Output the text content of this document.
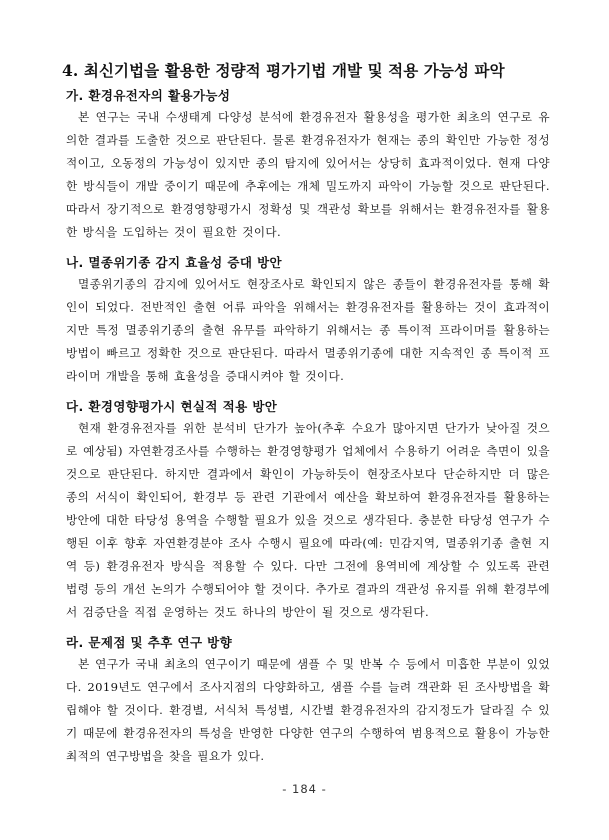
4. 최신기법을 활용한 정량적 평가기법 개발 및 적용 가능성 파악
가. 환경유전자의 활용가능성

본 연구는 국내 수생태계 다양성 분석에 환경유전자 활용성을 평가한 최초의 연구로 유의한 결과를 도출한 것으로 판단된다. 물론 환경유전자가 현재는 종의 확인만 가능한 정성적이고, 오동정의 가능성이 있지만 종의 탐지에 있어서는 상당히 효과적이었다. 현재 다양한 방식들이 개발 중이기 때문에 추후에는 개체 밀도까지 파악이 가능할 것으로 판단된다. 따라서 장기적으로 환경영향평가시 정확성 및 객관성 확보를 위해서는 환경유전자를 활용한 방식을 도입하는 것이 필요한 것이다.

나. 멸종위기종 감지 효율성 증대 방안

멸종위기종의 감지에 있어서도 현장조사로 확인되지 않은 종들이 환경유전자를 통해 확인이 되었다. 전반적인 출현 어류 파악을 위해서는 환경유전자를 활용하는 것이 효과적이지만 특정 멸종위기종의 출현 유무를 파악하기 위해서는 종 특이적 프라이머를 활용하는 방법이 빠르고 정확한 것으로 판단된다. 따라서 멸종위기종에 대한 지속적인 종 특이적 프라이머 개발을 통해 효율성을 증대시켜야 할 것이다.

다. 환경영향평가시 현실적 적용 방안

현재 환경유전자를 위한 분석비 단가가 높아(추후 수요가 많아지면 단가가 낮아질 것으로 예상됨) 자연환경조사를 수행하는 환경영향평가 업체에서 수용하기 어려운 측면이 있을 것으로 판단된다. 하지만 결과에서 확인이 가능하듯이 현장조사보다 단순하지만 더 많은 종의 서식이 확인되어, 환경부 등 관련 기관에서 예산을 확보하여 환경유전자를 활용하는 방안에 대한 타당성 용역을 수행할 필요가 있을 것으로 생각된다. 충분한 타당성 연구가 수행된 이후 향후 자연환경분야 조사 수행시 필요에 따라(예: 민감지역, 멸종위기종 출현 지역 등) 환경유전자 방식을 적용할 수 있다. 다만 그전에 용역비에 계상할 수 있도록 관련 법령 등의 개선 논의가 수행되어야 할 것이다. 추가로 결과의 객관성 유지를 위해 환경부에서 검증단을 직접 운영하는 것도 하나의 방안이 될 것으로 생각된다.

라. 문제점 및 추후 연구 방향

본 연구가 국내 최초의 연구이기 때문에 샘플 수 및 반복 수 등에서 미흡한 부분이 있었다. 2019년도 연구에서 조사지점의 다양화하고, 샘플 수를 늘려 객관화 된 조사방법을 확립해야 할 것이다. 환경별, 서식처 특성별, 시간별 환경유전자의 감지정도가 달라질 수 있기 때문에 환경유전자의 특성을 반영한 다양한 연구의 수행하여 범용적으로 활용이 가능한 최적의 연구방법을 찾을 필요가 있다.

- 184 -
